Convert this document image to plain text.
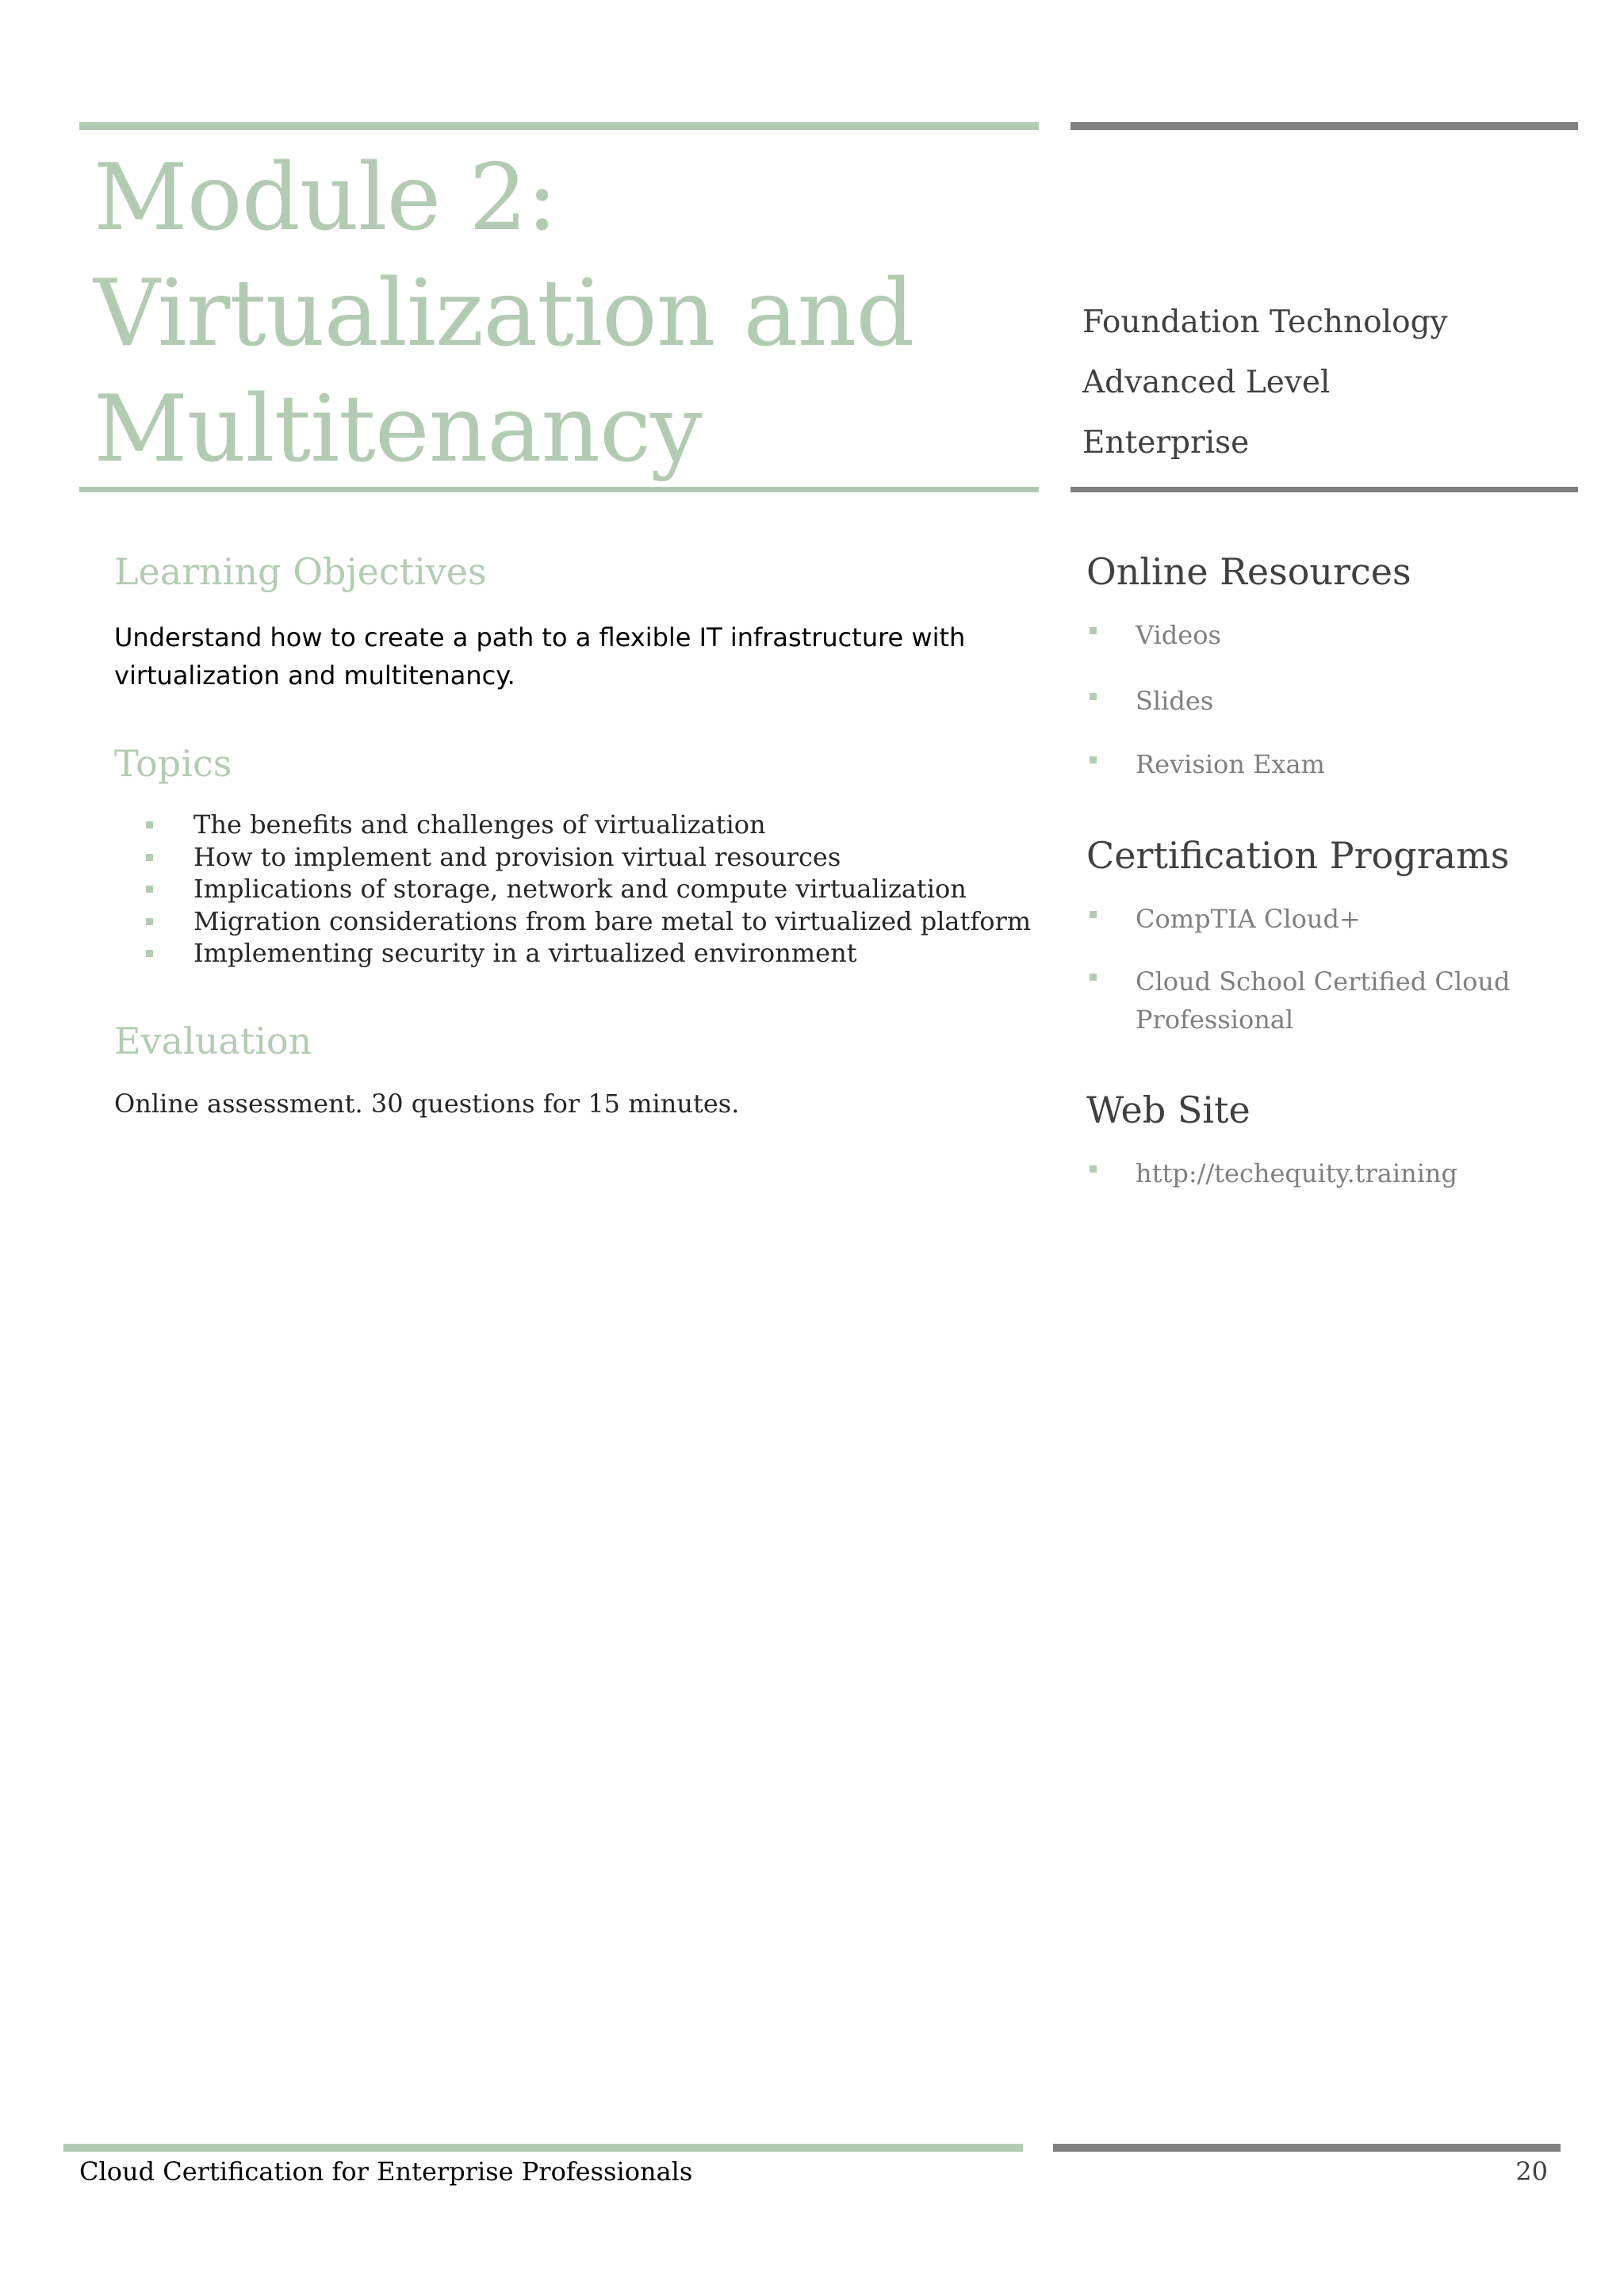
Module 2:
Virtualization and
Multitenancy
Foundation Technology
Advanced Level
Enterprise
Learning Objectives
Understand how to create a path to a flexible IT infrastructure with virtualization and multitenancy.
Topics
The benefits and challenges of virtualization
How to implement and provision virtual resources
Implications of storage, network and compute virtualization
Migration considerations from bare metal to virtualized platform
Implementing security in a virtualized environment
Evaluation
Online assessment. 30 questions for 15 minutes.
Online Resources
Videos
Slides
Revision Exam
Certification Programs
CompTIA Cloud+
Cloud School Certified Cloud Professional
Web Site
http://techequity.training
Cloud Certification for Enterprise Professionals	20
